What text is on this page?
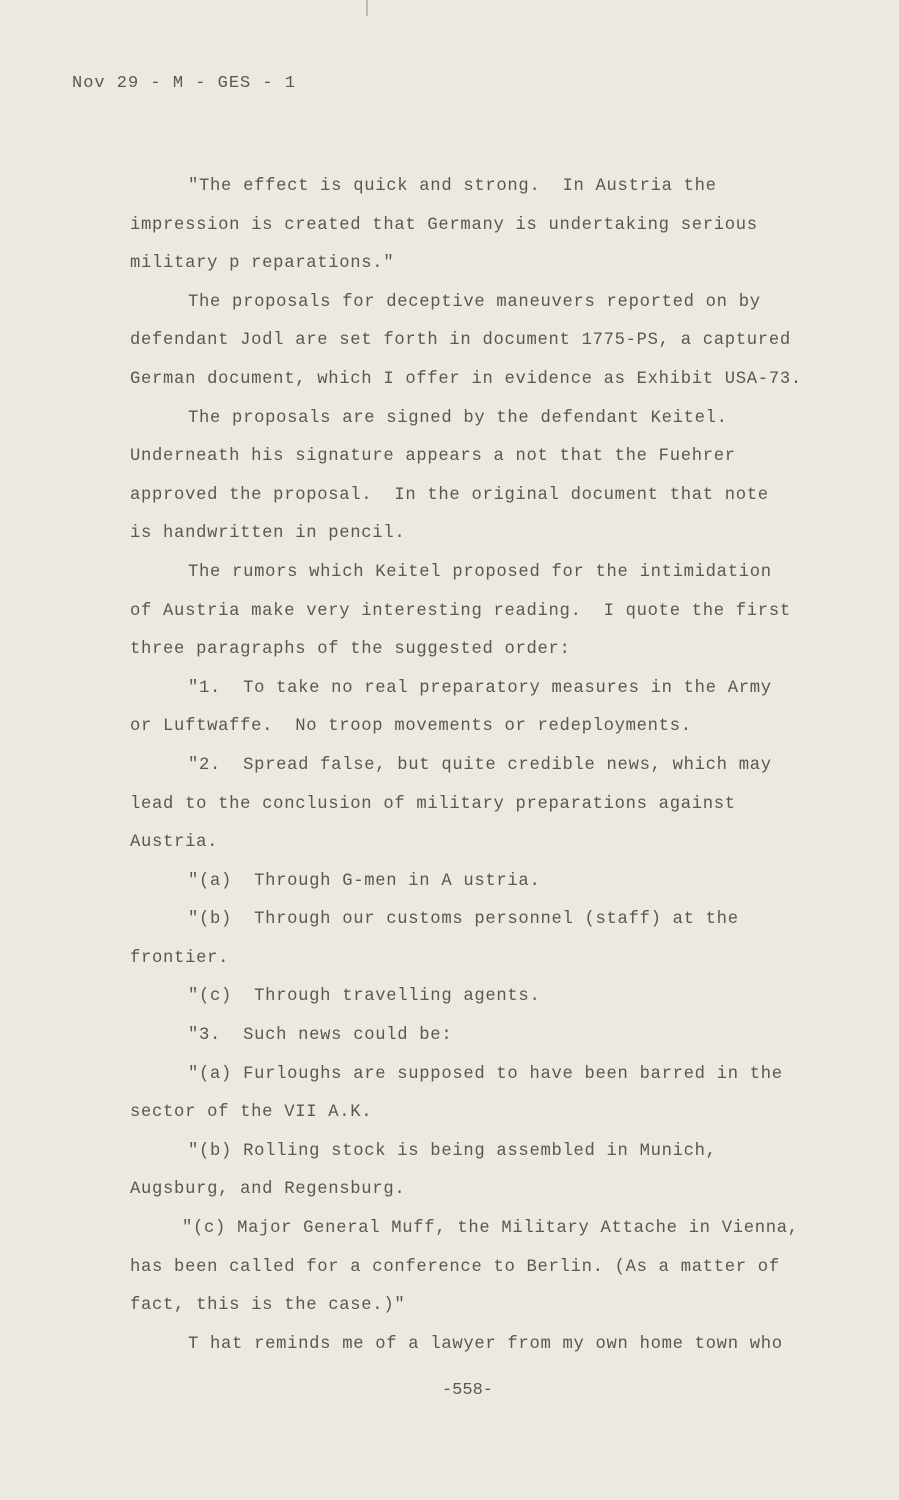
Nov 29 - M - GES - 1
"The effect is quick and strong.  In Austria the
impression is created that Germany is undertaking serious
military p reparations."
The proposals for deceptive maneuvers reported on by
defendant Jodl are set forth in document 1775-PS, a captured
German document, which I offer in evidence as Exhibit USA-73.
The proposals are signed by the defendant Keitel.
Underneath his signature appears a not that the Fuehrer
approved the proposal.  In the original document that note
is handwritten in pencil.
The rumors which Keitel proposed for the intimidation
of Austria make very interesting reading.  I quote the first
three paragraphs of the suggested order:
"1.  To take no real preparatory measures in the Army
or Luftwaffe.  No troop movements or redeployments.
"2.  Spread false, but quite credible news, which may
lead to the conclusion of military preparations against
Austria.
"(a)  Through G-men in A ustria.
"(b)  Through our customs personnel (staff) at the
frontier.
"(c)  Through travelling agents.
"3.  Such news could be:
"(a) Furloughs are supposed to have been barred in the
sector of the VII A.K.
"(b) Rolling stock is being assembled in Munich,
Augsburg, and Regensburg.
"(c) Major General Muff, the Military Attache in Vienna,
has been called for a conference to Berlin. (As a matter of
fact, this is the case.)"
T hat reminds me of a lawyer from my own home town who
-558-
